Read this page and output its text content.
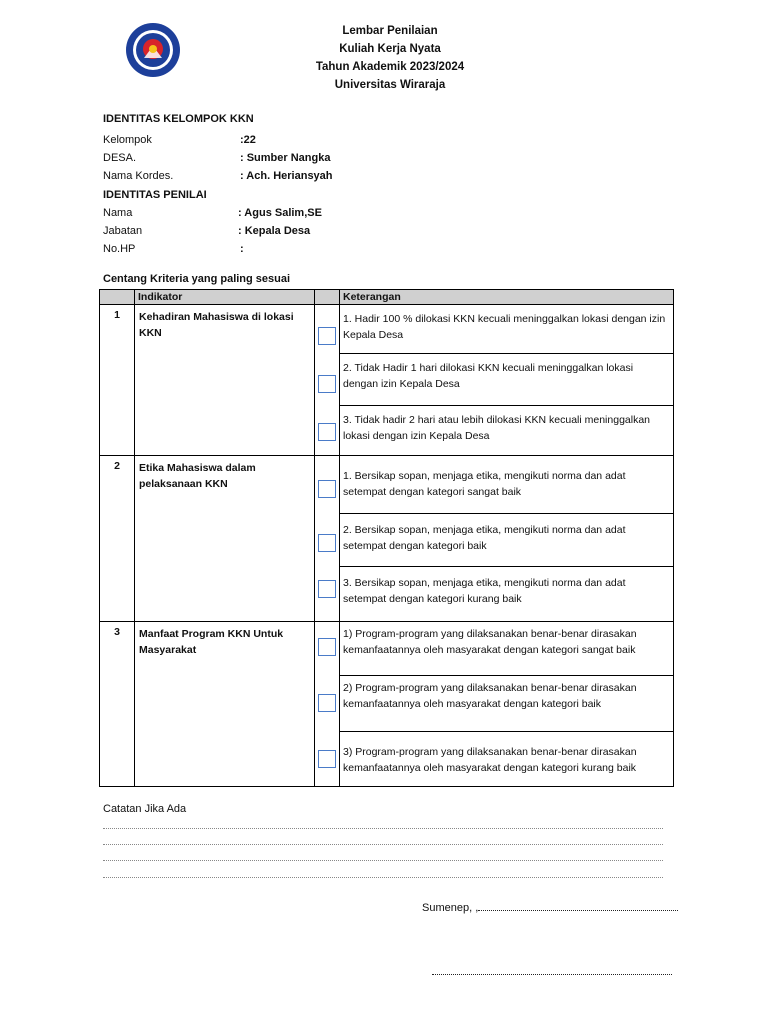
Lembar Penilaian
Kuliah Kerja Nyata
Tahun Akademik 2023/2024
Universitas Wiraraja
IDENTITAS KELOMPOK KKN
Kelompok	:22
DESA.	: Sumber Nangka
Nama Kordes.	: Ach. Heriansyah
IDENTITAS PENILAI
Nama	: Agus Salim,SE
Jabatan	: Kepala Desa
No.HP	:
Centang Kriteria yang paling sesuai
	Indikator		Keterangan
1	Kehadiran Mahasiswa di lokasi KKN		1. Hadir 100 % dilokasi KKN kecuali meninggalkan lokasi dengan izin Kepala Desa
			2. Tidak Hadir 1 hari dilokasi KKN kecuali meninggalkan lokasi dengan izin Kepala Desa
			3. Tidak hadir 2 hari atau lebih dilokasi KKN kecuali meninggalkan lokasi dengan izin Kepala Desa
2	Etika Mahasiswa dalam pelaksanaan KKN		1. Bersikap sopan, menjaga etika, mengikuti norma dan adat setempat dengan kategori sangat baik
			2. Bersikap sopan, menjaga etika, mengikuti norma dan adat setempat dengan kategori baik
			3. Bersikap sopan, menjaga etika, mengikuti norma dan adat setempat dengan kategori kurang baik
3	Manfaat Program KKN Untuk Masyarakat		1) Program-program yang dilaksanakan benar-benar dirasakan kemanfaatannya oleh masyarakat dengan kategori sangat baik
			2) Program-program yang dilaksanakan benar-benar dirasakan kemanfaatannya oleh masyarakat dengan kategori baik
			3) Program-program yang dilaksanakan benar-benar dirasakan kemanfaatannya oleh masyarakat dengan kategori kurang baik
Catatan Jika Ada
Sumenep, ,
